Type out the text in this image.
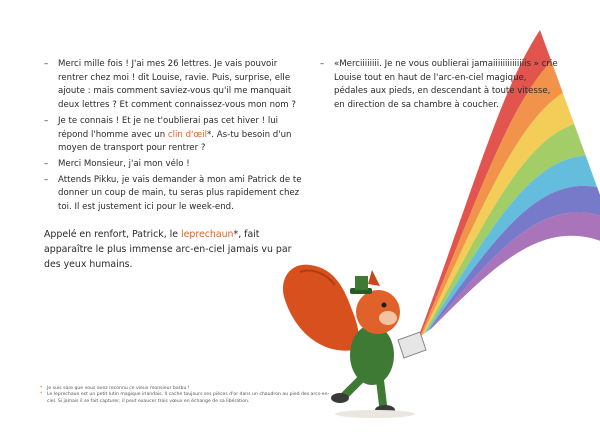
– Merci mille fois ! J'ai mes 26 lettres. Je vais pouvoir rentrer chez moi ! dit Louise, ravie. Puis, surprise, elle ajoute : mais comment saviez-vous qu'il me manquait deux lettres ? Et comment connaissez-vous mon nom ?
– Je te connais ! Et je ne t'oublierai pas cet hiver ! lui répond l'homme avec un clin d'œil*. As-tu besoin d'un moyen de transport pour rentrer ?
– Merci Monsieur, j'ai mon vélo !
– Attends Pikku, je vais demander à mon ami Patrick de te donner un coup de main, tu seras plus rapidement chez toi. Il est justement ici pour le week-end.
Appelé en renfort, Patrick, le leprechaun*, fait apparaître le plus immense arc-en-ciel jamais vu par des yeux humains.
– «Merciiiiiiii. Je ne vous oublierai jamaiiiiiiiiiiiiiis » crie Louise tout en haut de l'arc-en-ciel magique, pédales aux pieds, en descendant à toute vitesse, en direction de sa chambre à coucher.
* Je suis sûre que vous avez reconnu ce vieux monsieur barbu !
* Le leprechaun est un petit lutin magique irlandais. Il cache toujours ses pièces d'or dans un chaudron au pied des arcs-en-ciel. Si jamais il se fait capturer, il peut exaucer trois vœux en échange de sa libération.
